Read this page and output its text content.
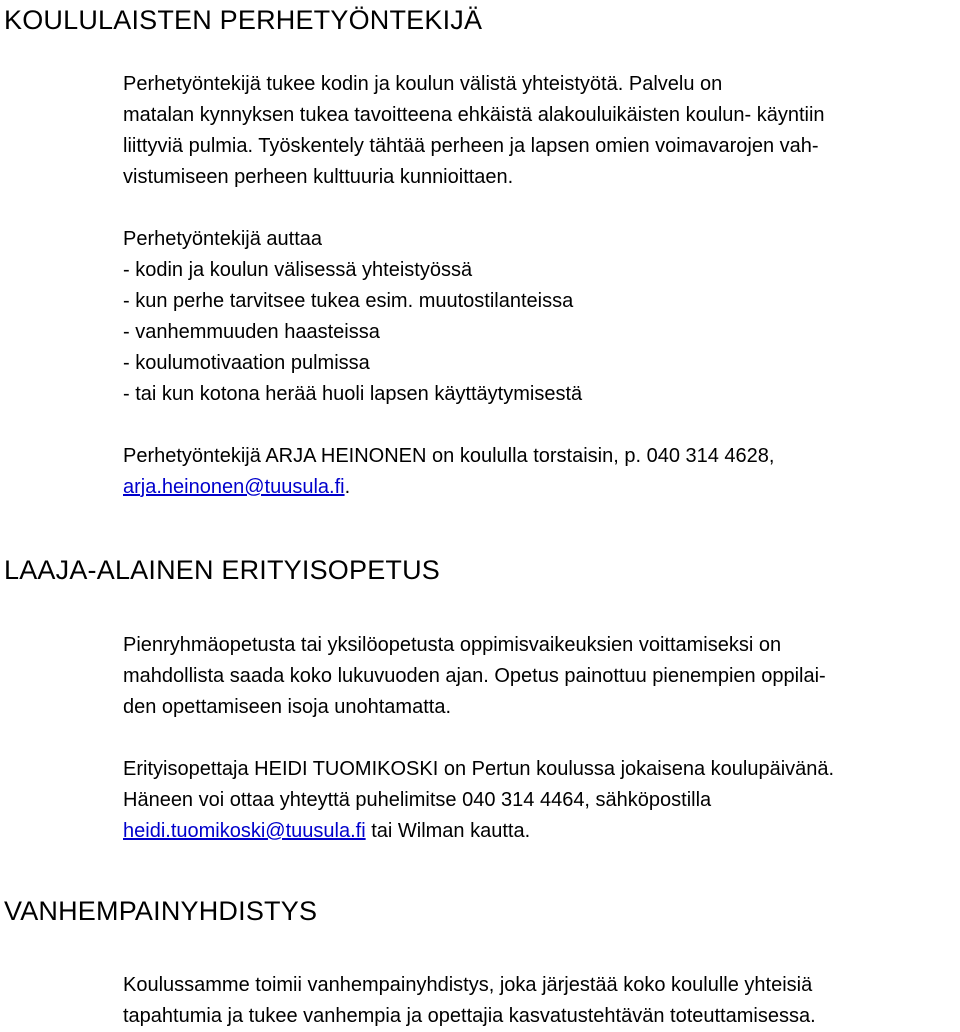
KOULULAISTEN PERHETYÖNTEKIJÄ
Perhetyöntekijä tukee kodin ja koulun välistä yhteistyötä. Palvelu on
matalan kynnyksen tukea tavoitteena ehkäistä alakouluikäisten koulun- käyntiin
liittyviä pulmia. Työskentely tähtää perheen ja lapsen omien voimavarojen vah-
vistumiseen perheen kulttuuria kunnioittaen.
Perhetyöntekijä auttaa
- kodin ja koulun välisessä yhteistyössä
- kun perhe tarvitsee tukea esim. muutostilanteissa
- vanhemmuuden haasteissa
- koulumotivaation pulmissa
- tai kun kotona herää huoli lapsen käyttäytymisestä
Perhetyöntekijä ARJA HEINONEN on koululla torstaisin, p. 040 314 4628,
arja.heinonen@tuusula.fi.
LAAJA-ALAINEN ERITYISOPETUS
Pienryhmäopetusta tai yksilöopetusta oppimisvaikeuksien voittamiseksi on
mahdollista saada koko lukuvuoden ajan. Opetus painottuu pienempien oppilai-
den opettamiseen isoja unohtamatta.
Erityisopettaja HEIDI TUOMIKOSKI on Pertun koulussa jokaisena koulupäivänä.
Häneen voi ottaa yhteyttä puhelimitse 040 314 4464, sähköpostilla
heidi.tuomikoski@tuusula.fi tai Wilman kautta.
VANHEMPAINYHDISTYS
Koulussamme toimii vanhempainyhdistys, joka järjestää koko koululle yhteisiä
tapahtumia ja tukee vanhempia ja opettajia kasvatustehtävän toteuttamisessa.
